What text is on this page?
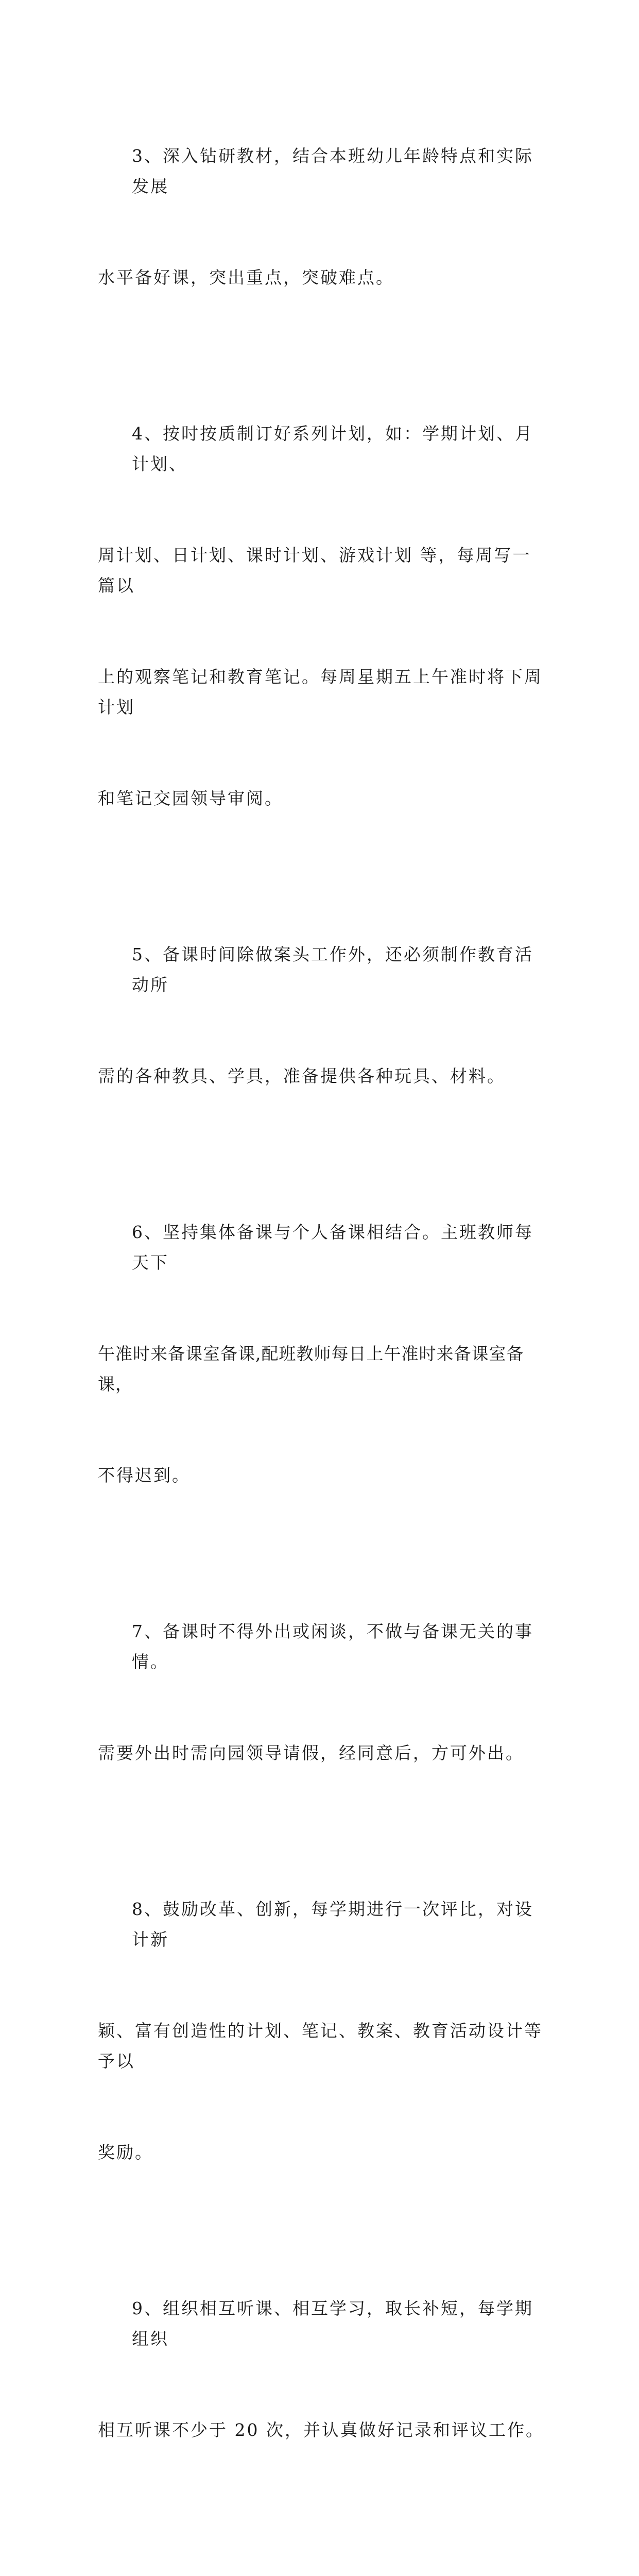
3、深入钻研教材，结合本班幼儿年龄特点和实际发展

水平备好课，突出重点，突破难点。

4、按时按质制订好系列计划，如：学期计划、月计划、

周计划、日计划、课时计划、游戏计划 等，每周写一篇以

上的观察笔记和教育笔记。每周星期五上午准时将下周计划

和笔记交园领导审阅。

5、备课时间除做案头工作外，还必须制作教育活动所

需的各种教具、学具，准备提供各种玩具、材料。

6、坚持集体备课与个人备课相结合。主班教师每天下

午准时来备课室备课,配班教师每日上午准时来备课室备课，

不得迟到。

7、备课时不得外出或闲谈，不做与备课无关的事情。

需要外出时需向园领导请假，经同意后，方可外出。

8、鼓励改革、创新，每学期进行一次评比，对设计新

颖、富有创造性的计划、笔记、教案、教育活动设计等予以

奖励。

9、组织相互听课、相互学习，取长补短，每学期组织

相互听课不少于 20 次，并认真做好记录和评议工作。
